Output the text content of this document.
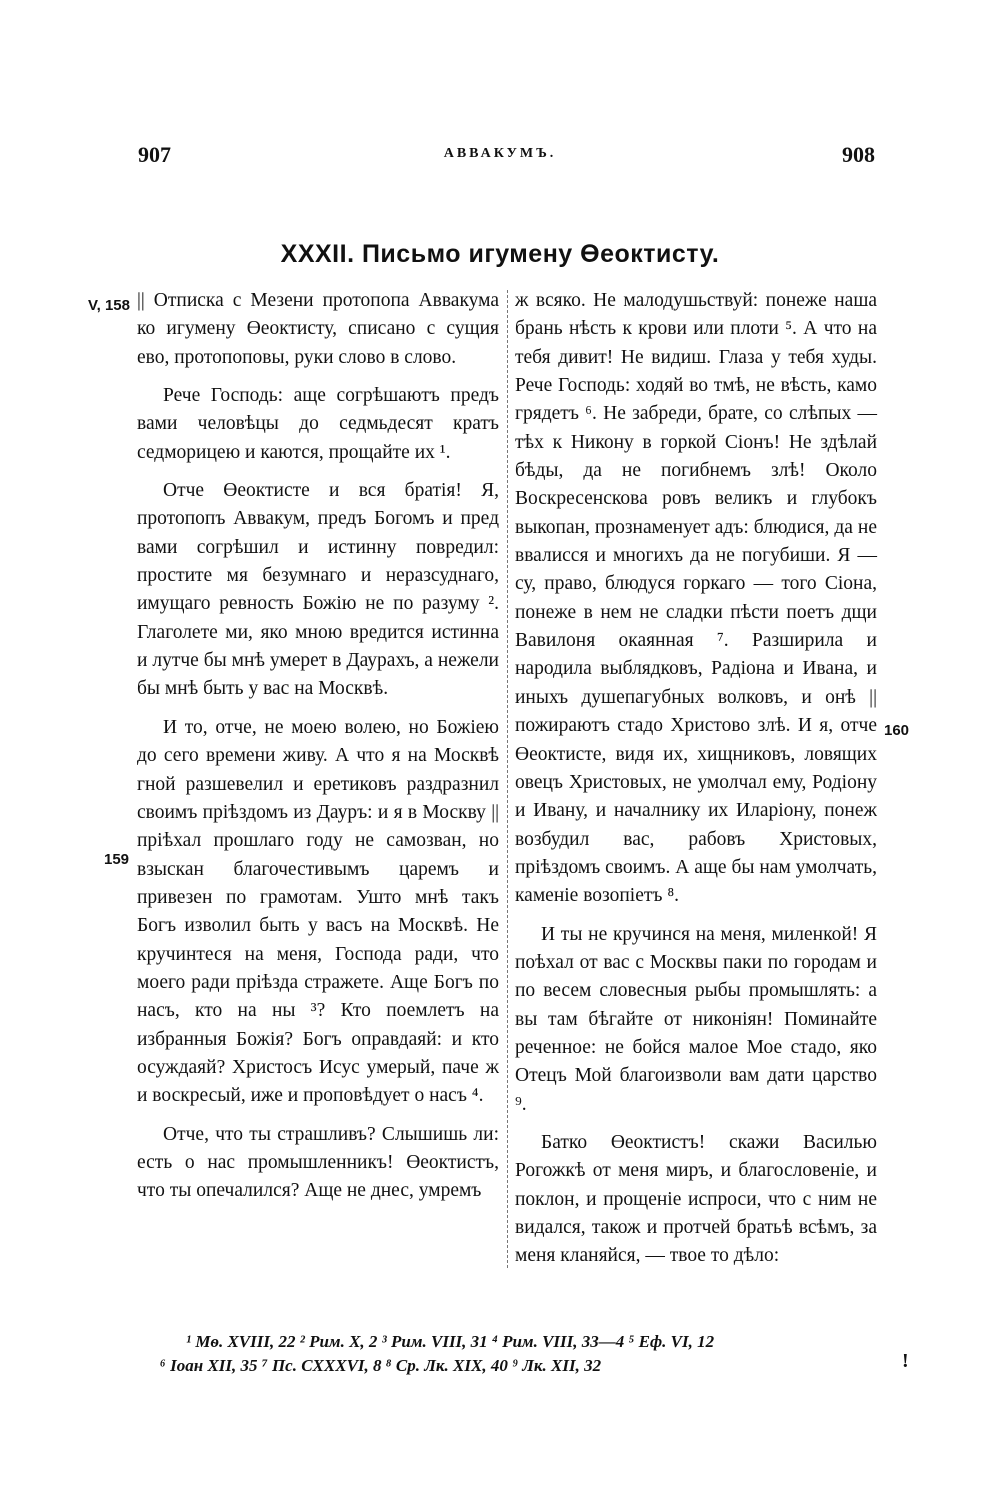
907	АВВАКУМЪ.	908
XXXII. Письмо игумену Өеоктисту.
V, 158
159
160

|| Отписка с Мезени протопопа Аввакума ко игумену Өеоктисту, списано с сущия ево, протопоповы, руки слово в слово.

Рече Господь: аще согрѣшаютъ предъ вами человѣцы до седмьдесят кратъ седморицею и каются, прощайте их ¹.

Отче Өеоктисте и вся братія! Я, протопопъ Аввакум, предъ Богомъ и пред вами согрѣшил и истинну повредил: простите мя безумнаго и неразсуднаго, имущаго ревность Божію не по разуму ². Глаголете ми, яко мною вредится истинна и лутче бы мнѣ умерет в Даурахъ, а нежели бы мнѣ быть у вас на Москвѣ.

И то, отче, не моею волею, но Божіею до сего времени живу. А что я на Москвѣ гной разшевелил и еретиковъ раздразнил своимъ пріѣздомъ из Дауръ: и я в Москву || пріѣхал прошлаго году не самозван, но взыскан благочестивымъ царемъ и привезен по грамотам. Ушто мнѣ такъ Богъ изволил быть у васъ на Москвѣ. Не кручинтеся на меня, Господа ради, что моего ради пріѣзда стражете. Аще Богъ по насъ, кто на ны ³? Кто поемлетъ на избранныя Божія? Богъ оправдаяй: и кто осуждаяй? Христосъ Исус умерый, паче ж и воскресый, иже и проповѣдует о насъ ⁴.

Отче, что ты страшливъ? Слышишь ли: есть о нас промышленникъ! Өеоктистъ, что ты опечалился? Аще не днес, умремъ

ж всяко. Не малодушьствуй: понеже наша брань нѣсть к крови или плоти ⁵. А что на тебя дивит! Не видиш. Глаза у тебя худы. Рече Господь: ходяй во тмѣ, не вѣсть, камо грядетъ ⁶. Не забреди, брате, со слѣпых — тѣх к Никону в горкой Сіонъ! Не здѣлай бѣды, да не погибнемъ злѣ! Около Воскресенскова ровъ великъ и глубокъ выкопан, прознаменует адъ: блюдися, да не ввалисся и многихъ да не погубиши. Я — су, право, блюдуся горкаго — того Сіона, понеже в нем не сладки пѣсти поетъ дщи Вавилоня окаянная ⁷. Разширила и народила выблядковъ, Радіона и Ивана, и иныхъ душепагубных волковъ, и онѣ || пожираютъ стадо Христово злѣ. И я, отче Өеоктисте, видя их, хищниковъ, ловящих овецъ Христовых, не умолчал ему, Родіону и Ивану, и началнику их Иларіону, понеж возбудил вас, рабовъ Христовых, пріѣздомъ своимъ. А аще бы нам умолчать, каменіе возопіетъ ⁸.

И ты не кручинся на меня, миленкой! Я поѣхал от вас с Москвы паки по городам и по весем словесныя рыбы промышлять: а вы там бѣгайте от никоніян! Поминайте реченное: не бойся малое Мое стадо, яко Отецъ Мой благоизволи вам дати царство ⁹.

Батко Өеоктистъ! скажи Василью Рогожкѣ от меня миръ, и благословеніе, и поклон, и прощеніе испроси, что с ним не видался, також и протчей братьѣ всѣмъ, за меня кланяйся, — твое то дѣло:

¹ Мѳ. XVIII, 22 ² Рим. X, 2 ³ Рим. VIII, 31 ⁴ Рим. VIII, 33—4 ⁵ Еф. VI, 12
⁶ Іоан XII, 35 ⁷ Пс. CXXXVI, 8 ⁸ Ср. Лк. XIX, 40 ⁹ Лк. XII, 32	!
